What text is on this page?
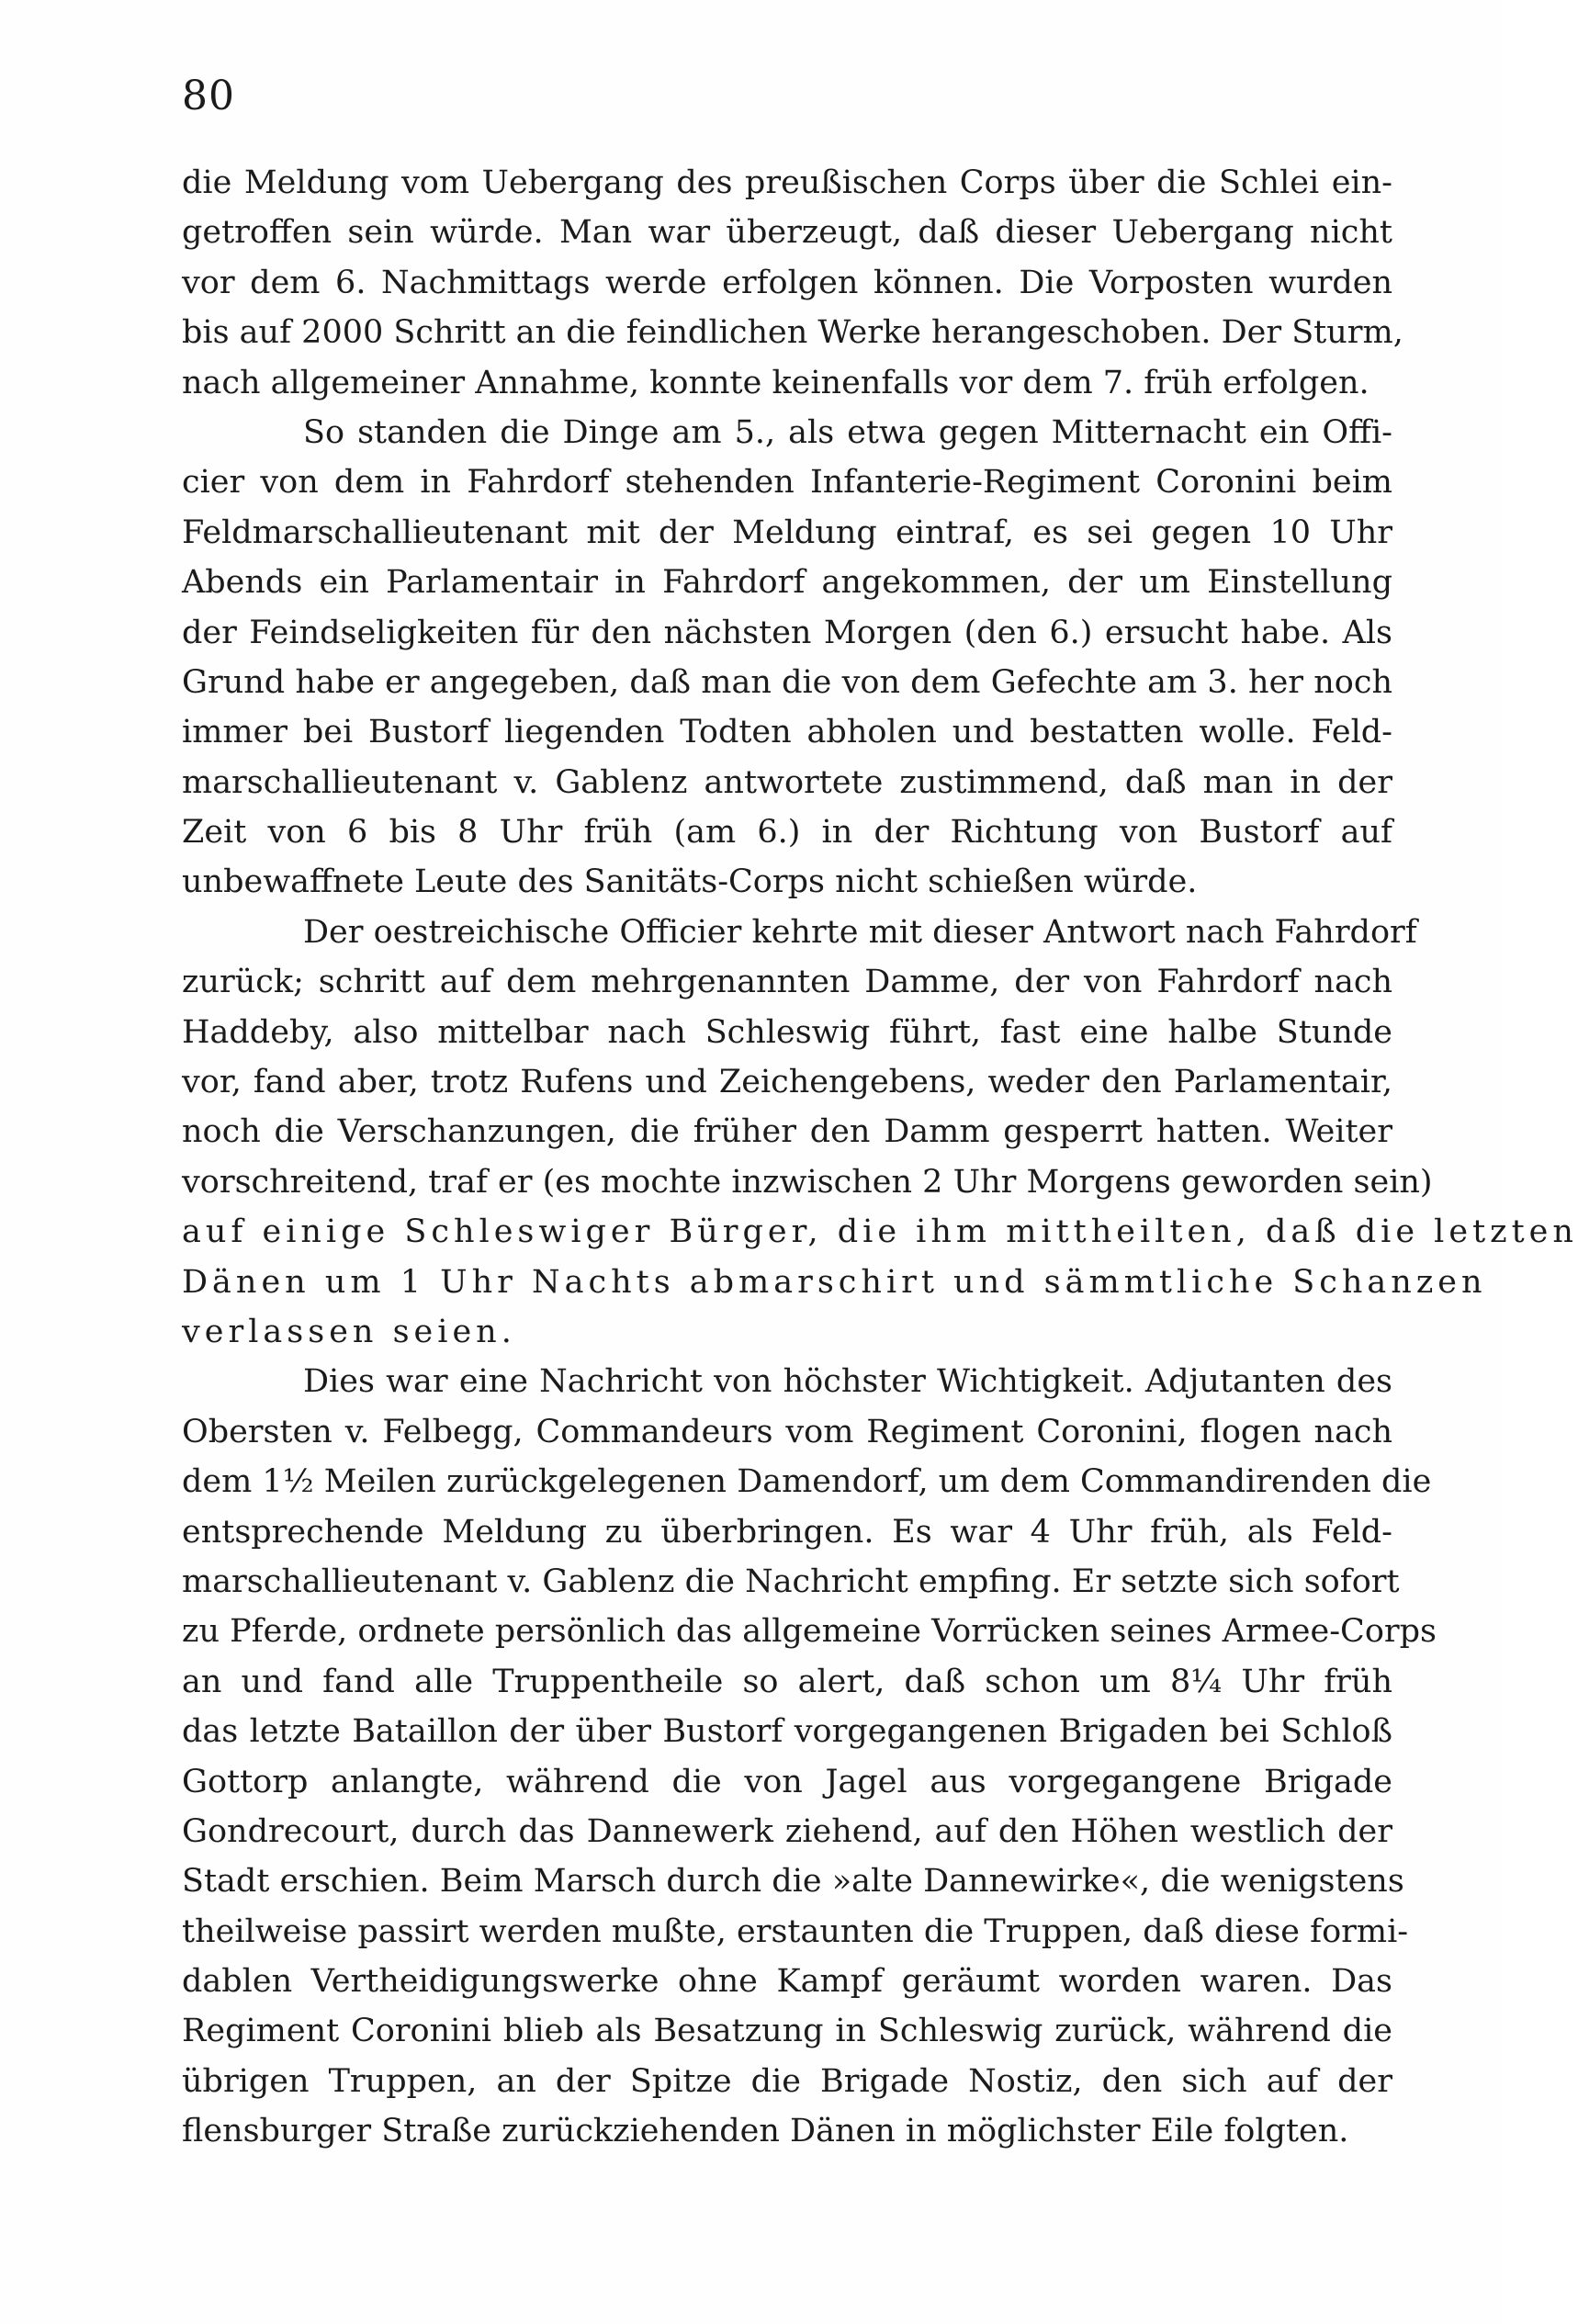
80
die Meldung vom Uebergang des preußischen Corps über die Schlei ein-
getroffen sein würde. Man war überzeugt, daß dieser Uebergang nicht
vor dem 6. Nachmittags werde erfolgen können. Die Vorposten wurden
bis auf 2000 Schritt an die feindlichen Werke herangeschoben. Der Sturm,
nach allgemeiner Annahme, konnte keinenfalls vor dem 7. früh erfolgen.
So standen die Dinge am 5., als etwa gegen Mitternacht ein Offi-
cier von dem in Fahrdorf stehenden Infanterie-Regiment Coronini beim
Feldmarschallieutenant mit der Meldung eintraf, es sei gegen 10 Uhr
Abends ein Parlamentair in Fahrdorf angekommen, der um Einstellung
der Feindseligkeiten für den nächsten Morgen (den 6.) ersucht habe. Als
Grund habe er angegeben, daß man die von dem Gefechte am 3. her noch
immer bei Bustorf liegenden Todten abholen und bestatten wolle. Feld-
marschallieutenant v. Gablenz antwortete zustimmend, daß man in der
Zeit von 6 bis 8 Uhr früh (am 6.) in der Richtung von Bustorf auf
unbewaffnete Leute des Sanitäts-Corps nicht schießen würde.
Der oestreichische Officier kehrte mit dieser Antwort nach Fahrdorf
zurück; schritt auf dem mehrgenannten Damme, der von Fahrdorf nach
Haddeby, also mittelbar nach Schleswig führt, fast eine halbe Stunde
vor, fand aber, trotz Rufens und Zeichengebens, weder den Parlamentair,
noch die Verschanzungen, die früher den Damm gesperrt hatten. Weiter
vorschreitend, traf er (es mochte inzwischen 2 Uhr Morgens geworden sein)
auf einige Schleswiger Bürger, die ihm mittheilten, daß die letzten
Dänen um 1 Uhr Nachts abmarschirt und sämmtliche Schanzen
verlassen seien.
Dies war eine Nachricht von höchster Wichtigkeit. Adjutanten des
Obersten v. Felbegg, Commandeurs vom Regiment Coronini, flogen nach
dem 1½ Meilen zurückgelegenen Damendorf, um dem Commandirenden die
entsprechende Meldung zu überbringen. Es war 4 Uhr früh, als Feld-
marschallieutenant v. Gablenz die Nachricht empfing. Er setzte sich sofort
zu Pferde, ordnete persönlich das allgemeine Vorrücken seines Armee-Corps
an und fand alle Truppentheile so alert, daß schon um 8¼ Uhr früh
das letzte Bataillon der über Bustorf vorgegangenen Brigaden bei Schloß
Gottorp anlangte, während die von Jagel aus vorgegangene Brigade
Gondrecourt, durch das Dannewerk ziehend, auf den Höhen westlich der
Stadt erschien. Beim Marsch durch die »alte Dannewirke«, die wenigstens
theilweise passirt werden mußte, erstaunten die Truppen, daß diese formi-
dablen Vertheidigungswerke ohne Kampf geräumt worden waren. Das
Regiment Coronini blieb als Besatzung in Schleswig zurück, während die
übrigen Truppen, an der Spitze die Brigade Nostiz, den sich auf der
flensburger Straße zurückziehenden Dänen in möglichster Eile folgten.
